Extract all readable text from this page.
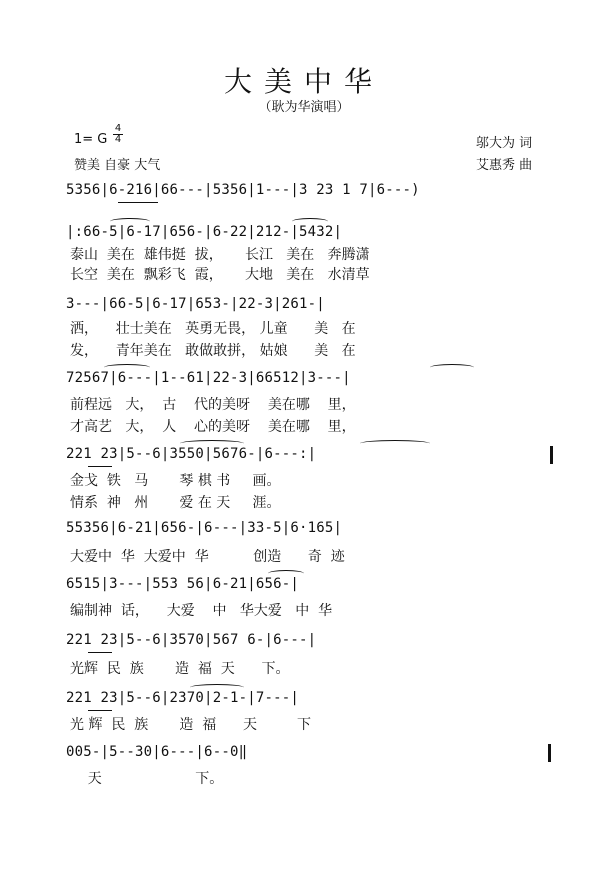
大美中华
（耿为华演唱）
1= G $\frac{4}{4}$
赞美 自豪 大气
邬大为 词
艾惠秀 曲
5356|6-216|66---|5356|1---|3 23 1 7|6---)
|:66-5|6-17|656-|6-22|212-|5432|
泰山  美在  雄伟挺  拔，     长江   美在   奔腾潇
长空  美在  飘彩飞  霞，     大地   美在   水清草
3---|66-5|6-17|653-|22-3|261-|
洒，    壮士美在   英勇无畏， 儿童      美   在
发，    青年美在   敢做敢拼， 姑娘      美   在
72567|6---|1--61|22-3|66512|3---|
前程远   大，  古    代的美呀    美在哪    里，
才高艺   大，  人    心的美呀    美在哪    里，
221 23|5--6|3550|5676-|6---:|
金戈  铁   马       琴 棋 书     画。
情系  神   州       爱 在 天     涯。
55356|6-21|656-|6---|33-5|6·165|
大爱中  华  大爱中  华          创造      奇  迹
6515|3---|553 56|6-21|656-|
编制神  话，    大爱    中   华大爱   中  华
221 23|5--6|3570|567 6-|6---|
光辉  民  族       造  福  天      下。
221 23|5--6|2370|2-1-|7---|
光 辉  民  族       造  福      天         下
005-|5--30|6---|6--0‖
天                     下。
